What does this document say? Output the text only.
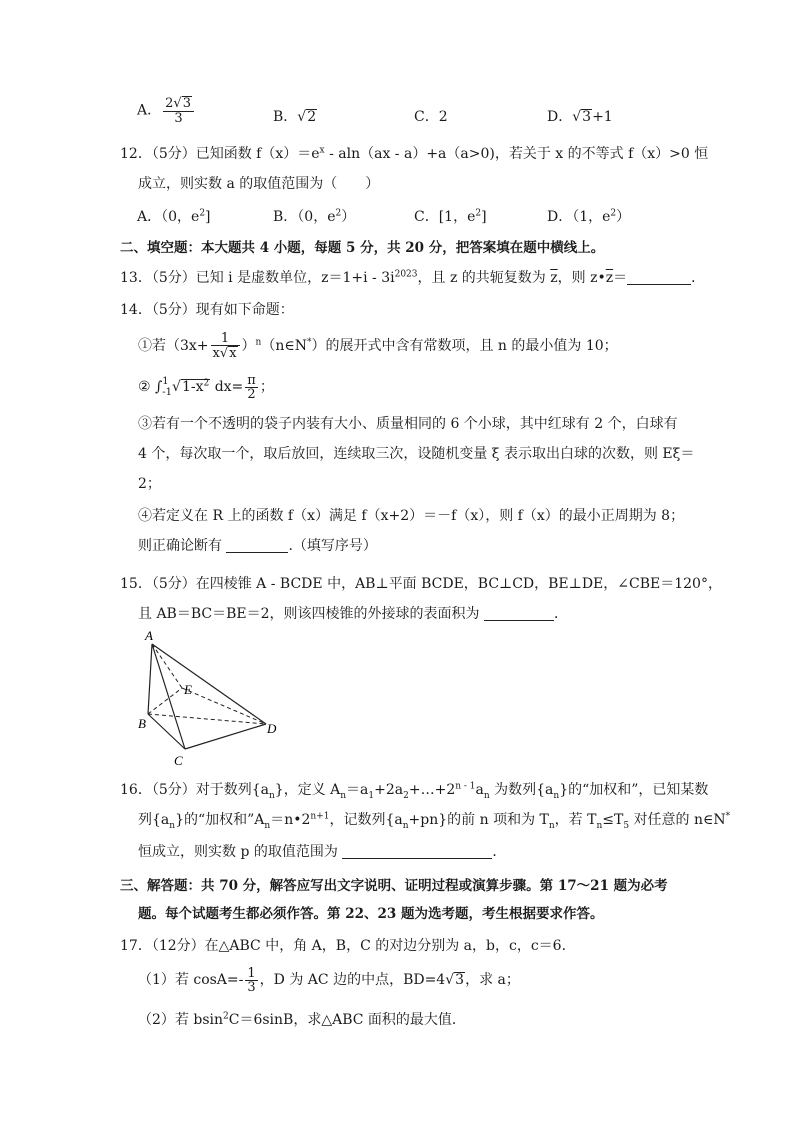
A． $\frac{2√3}{3}$	B．√2	C．2	D．√3+1
12．（5分）已知函数 $f(x)=e^x - aln(ax - a)+a(a>0)$，若关于 x 的不等式 f（x）>0 恒
成立，则实数 a 的取值范围为（　　）
A．（0，$e^2$]	B．（0，$e^2$）	C．[1，$e^2$]	D．（1，$e^2$）
二、填空题：本大题共 4 小题，每题 5 分，共 20 分，把答案填在题中横线上。
13．（5分）已知 i 是虚数单位，$z=1+i - 3i^{2023}$，且 z 的共轭复数为 $\overline{z}$，则 $z•\overline{z}=$	．
14．（5分）现有如下命题：
①若（$3x+ \frac{1}{x√x}$ ）$^n(n\in N^*)$的展开式中含有常数项，且 n 的最小值为 10；
② ∫ 1
-1 $√1-x^2$ $dx= \frac{\pi}{2}$ ；
③若有一个不透明的袋子内装有大小、质量相同的 6 个小球，其中红球有 2 个，白球有
4 个，每次取一个，取后放回，连续取三次，设随机变量 ξ 表示取出白球的次数，则 Eξ＝
2；
④若定义在 R 上的函数 f（x）满足 f（x+2）＝－f（x），则 f（x）的最小正周期为 8；
则正确论断有	.（填写序号）
15．（5分）在四棱锥 A - BCDE 中，AB⊥平面 BCDE，BC⊥CD，BE⊥DE，∠CBE＝120°，
且 AB＝BC＝BE＝2，则该四棱锥的外接球的表面积为	．
A
E
B	D
C
16．（5分）对于数列$\{a_n\}$，定义 $A_n=a_1+2a_2+\dots+2^{n - 1}a_n$ 为数列$\{a_n\}$的“加权和”，已知某数
列$\{a_n\}$的“加权和$”A_n=n•2^{n+1}$，记数列$\{a_n+pn\}$的前 n 项和为 $T_n$，若 $T_n\le T_5$ 对任意的 n∈N*
恒成立，则实数 p 的取值范围为	．
三、解答题：共 70 分，解答应写出文字说明、证明过程或演算步骤。第 17～21 题为必考
题。每个试题考生都必须作答。第 22、23 题为选考题，考生根据要求作答。
17．（12分）在△ABC 中，角 A，B，C 的对边分别为 a，b，c，c＝6．
（1）若 $\cos A=- \frac{1}{3}$ ，D 为 AC 边的中点，BD=4√3，求 a；
（2）若 bsin$^2$C＝6sinB，求△ABC 面积的最大值．
